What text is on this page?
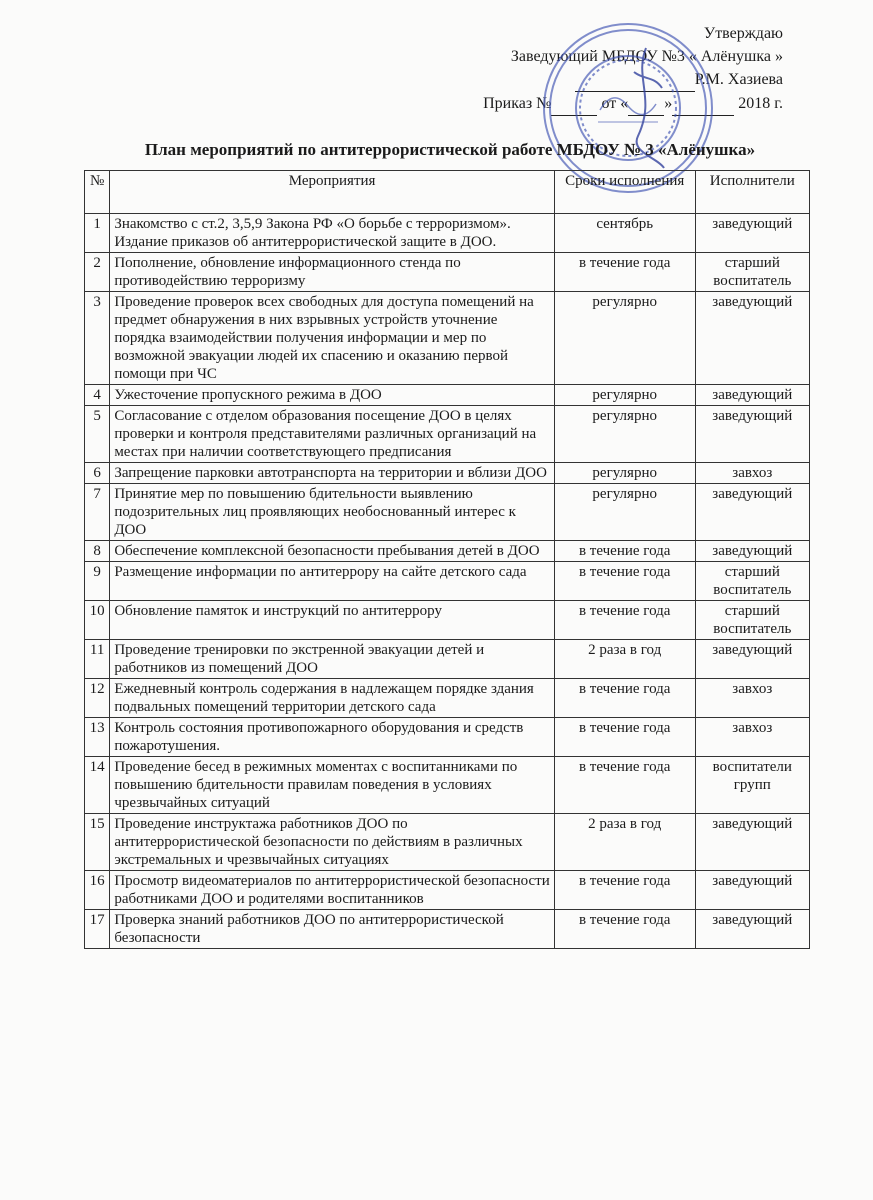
Утверждаю
Заведующий МБДОУ №3 « Алёнушка »
Р.М. Хазиева
Приказ №	от « »	2018 г.
План мероприятий по антитеррористической работе МБДОУ № 3 «Алёнушка»
№	Мероприятия	Сроки исполнения	Исполнители
1	Знакомство с ст.2, 3,5,9 Закона РФ «О борьбе с терроризмом». Издание приказов об антитеррористической защите в ДОО.	сентябрь	заведующий
2	Пополнение, обновление информационного стенда по противодействию терроризму	в течение года	старший воспитатель
3	Проведение проверок всех свободных для доступа помещений на предмет обнаружения в них взрывных устройств уточнение порядка взаимодействии получения информации и мер по возможной эвакуации людей их спасению и оказанию первой помощи при ЧС	регулярно	заведующий
4	Ужесточение пропускного режима в ДОО	регулярно	заведующий
5	Согласование с отделом образования посещение ДОО в целях проверки и контроля представителями различных организаций на местах при наличии соответствующего предписания	регулярно	заведующий
6	Запрещение парковки автотранспорта на территории и вблизи ДОО	регулярно	завхоз
7	Принятие мер по повышению бдительности выявлению подозрительных лиц проявляющих необоснованный интерес к ДОО	регулярно	заведующий
8	Обеспечение комплексной безопасности пребывания детей в ДОО	в течение года	заведующий
9	Размещение информации по антитеррору на сайте детского сада	в течение года	старший воспитатель
10	Обновление памяток и инструкций по антитеррору	в течение года	старший воспитатель
11	Проведение тренировки по экстренной эвакуации детей и работников из помещений ДОО	2 раза в год	заведующий
12	Ежедневный контроль содержания в надлежащем порядке здания подвальных помещений территории детского сада	в течение года	завхоз
13	Контроль состояния противопожарного оборудования и средств пожаротушения.	в течение года	завхоз
14	Проведение бесед в режимных моментах с воспитанниками по повышению бдительности правилам поведения в условиях чрезвычайных ситуаций	в течение года	воспитатели групп
15	Проведение инструктажа работников ДОО по антитеррористической безопасности по действиям в различных экстремальных и чрезвычайных ситуациях	2 раза в год	заведующий
16	Просмотр видеоматериалов по антитеррористической безопасности работниками ДОО и родителями воспитанников	в течение года	заведующий
17	Проверка знаний работников ДОО по антитеррористической безопасности	в течение года	заведующий
